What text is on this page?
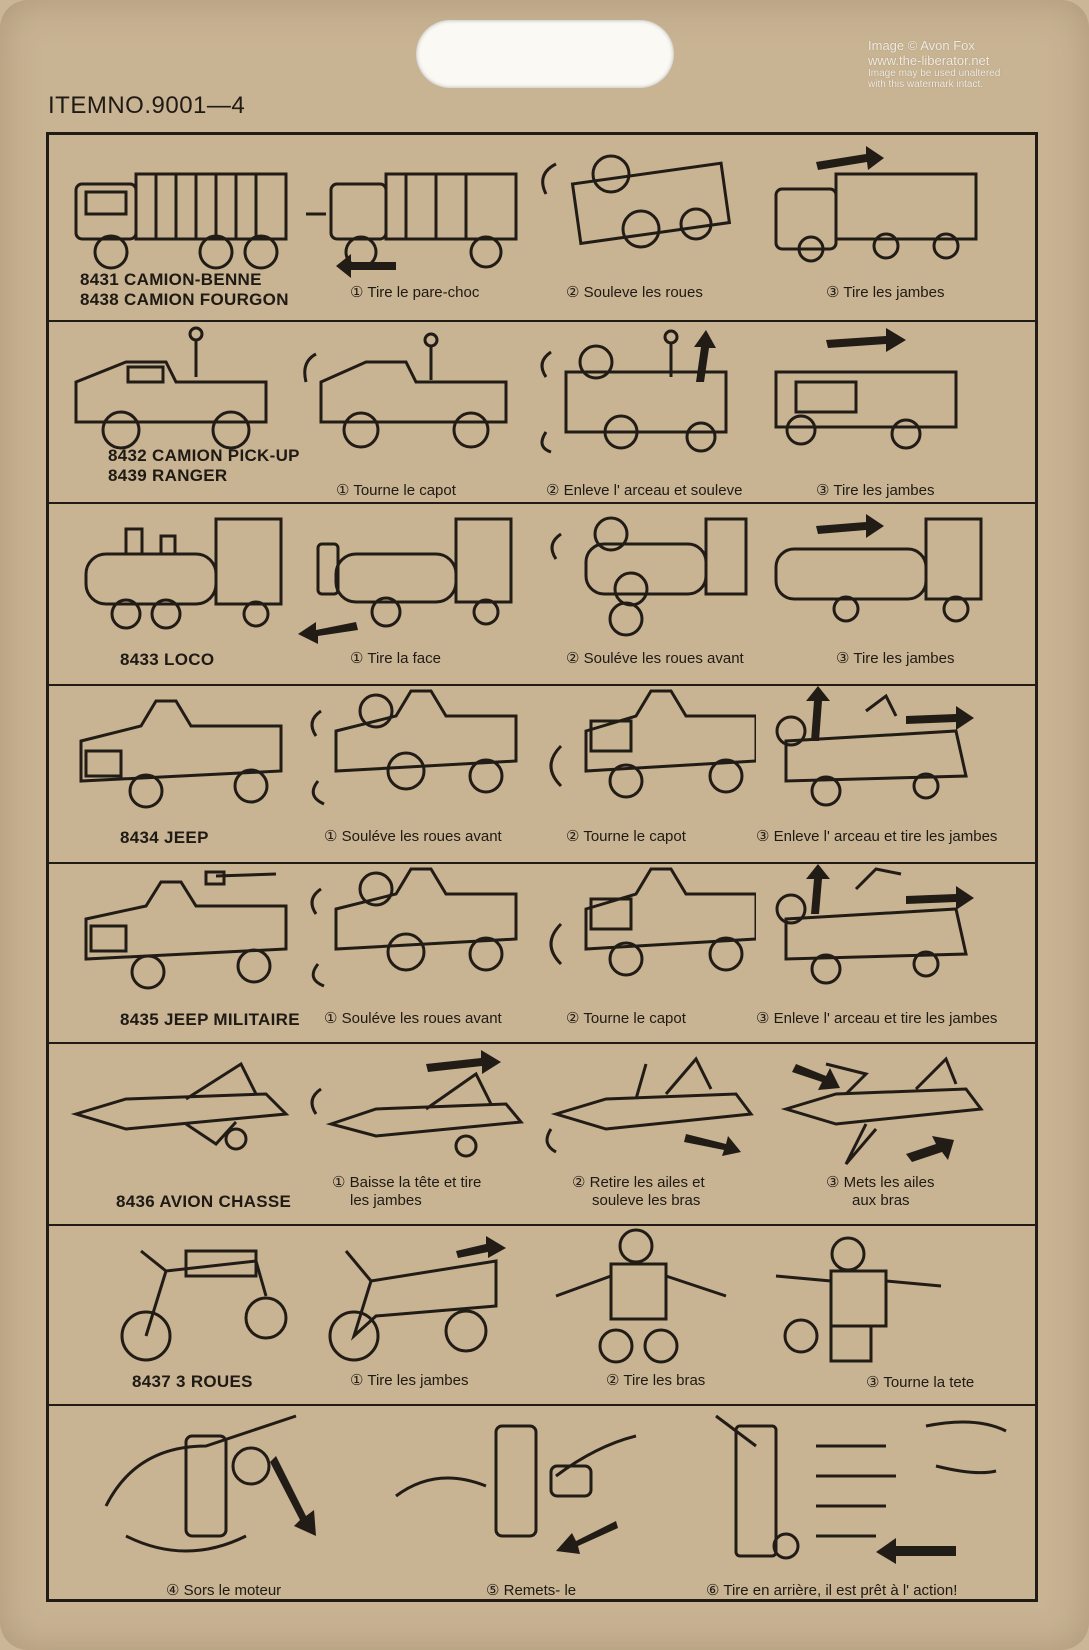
ITEMNO.9001—4
Image © Avon Fox
www.the-liberator.net
Image may be used unaltered
with this watermark intact.
8431 CAMION-BENNE
8438 CAMION FOURGON	① Tire le pare-choc	② Souleve les roues	③ Tire les jambes
8432 CAMION PICK-UP
8439 RANGER
① Tourne le capot	② Enleve l' arceau et souleve	③ Tire les jambes
8433 LOCO	① Tire la face	② Souléve les roues avant	③ Tire les jambes
8434 JEEP	① Souléve les roues avant	② Tourne le capot	③ Enleve l' arceau et tire les jambes
8435 JEEP MILITAIRE ① Souléve les roues avant	② Tourne le capot	③ Enleve l' arceau et tire les jambes
8436 AVION CHASSE
① Baisse la tête et tire
les jambes
② Retire les ailes et
souleve les bras
③ Mets les ailes
aux bras
8437 3 ROUES	① Tire les jambes	② Tire les bras	③ Tourne la tete
④ Sors le moteur	⑤ Remets- le	⑥ Tire en arrière, il est prêt à l' action!
